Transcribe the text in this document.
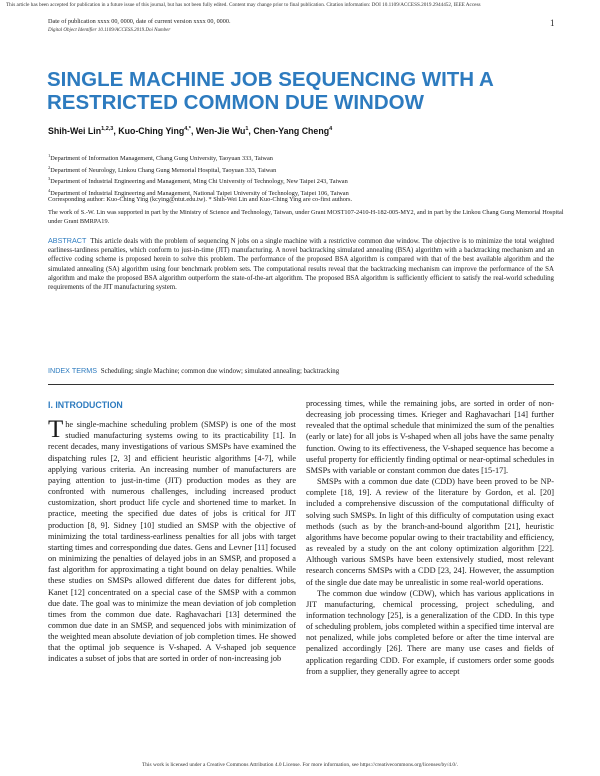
This article has been accepted for publication in a future issue of this journal, but has not been fully edited. Content may change prior to final publication. Citation information: DOI 10.1109/ACCESS.2019.2944452, IEEE Access
Date of publication xxxx 00, 0000, date of current version xxxx 00, 0000.
Digital Object Identifier 10.1109/ACCESS.2019.Doi Number
1
SINGLE MACHINE JOB SEQUENCING WITH A
RESTRICTED COMMON DUE WINDOW
Shih-Wei Lin$^{1,2,3}$, Kuo-Ching Ying$^{4,*}$, Wen-Jie Wu$^1$, Chen-Yang Cheng$^4$
$^1$Department of Information Management, Chang Gung University, Taoyuan 333, Taiwan
$^2$Department of Neurology, Linkou Chang Gung Memorial Hospital, Taoyuan 333, Taiwan
$^3$Department of Industrial Engineering and Management, Ming Chi University of Technology, New Taipei 243, Taiwan
$^4$Department of Industrial Engineering and Management, National Taipei University of Technology, Taipei 106, Taiwan
Corresponding author: Kuo-Ching Ying (kcying@ntut.edu.tw). * Shih-Wei Lin and Kuo-Ching Ying are co-first authors.
The work of S.-W. Lin was supported in part by the Ministry of Science and Technology, Taiwan, under Grant MOST107-2410-H-182-005-MY2, and in part by the Linkou Chang Gung Memorial Hospital under Grant BMRPA19.
ABSTRACT This article deals with the problem of sequencing N jobs on a single machine with a restrictive common due window. The objective is to minimize the total weighted earliness-tardiness penalties, which conform to just-in-time (JIT) manufacturing. A novel backtracking simulated annealing (BSA) algorithm with a backtracking mechanism and an effective coding scheme is proposed herein to solve this problem. The performance of the proposed BSA algorithm is compared with that of the best available algorithm and the simulated annealing (SA) algorithm using four benchmark problem sets. The computational results reveal that the backtracking mechanism can improve the performance of the SA algorithm and make the proposed BSA algorithm outperform the state-of-the-art algorithm. The proposed BSA algorithm is sufficiently efficient to satisfy the real-world scheduling requirements of the JIT manufacturing system.
INDEX TERMS Scheduling; single Machine; common due window; simulated annealing; backtracking
I. INTRODUCTION

The single-machine scheduling problem (SMSP) is one of the most studied manufacturing systems owing to its practicability [1]. In recent decades, many investigations of various SMSPs have examined the dispatching rules [2, 3] and efficient heuristic algorithms [4-7], while applying various criteria. An increasing number of manufacturers are paying attention to just-in-time (JIT) production modes as they are confronted with numerous challenges, including increased product customization, short product life cycle and shortened time to market. In practice, meeting the specified due dates of jobs is critical for JIT production [8, 9]. Sidney [10] studied an SMSP with the objective of minimizing the total tardiness-earliness penalties for all jobs with target starting times and corresponding due dates. Gens and Levner [11] focused on minimizing the penalties of delayed jobs in an SMSP, and proposed a fast algorithm for approximating a tight bound on delay penalties. While these studies on SMSPs allowed different due dates for different jobs, Kanet [12] concentrated on a special case of the SMSP with a common due date. The goal was to minimize the mean deviation of job completion times from the common due date. Raghavachari [13] determined the common due date in an SMSP, and sequenced jobs with minimization of the weighted mean absolute deviation of job completion times. He showed that the optimal job sequence is V-shaped. A V-shaped job sequence indicates a subset of jobs that are sorted in order of non-increasing job

processing times, while the remaining jobs, are sorted in order of non-decreasing job processing times. Krieger and Raghavachari [14] further revealed that the optimal schedule that minimized the sum of the penalties (early or late) for all jobs is V-shaped when all jobs have the same penalty function. Owing to its effectiveness, the V-shaped sequence has become a useful property for efficiently finding optimal or near-optimal schedules in SMSPs with variable or constant common due dates [15-17].

SMSPs with a common due date (CDD) have been proved to be NP-complete [18, 19]. A review of the literature by Gordon, et al. [20] included a comprehensive discussion of the computational difficulty of solving such SMSPs. In light of this difficulty of computation using exact methods (such as by the branch-and-bound algorithm [21], heuristic algorithms have become popular owing to their tractability and efficiency, as revealed by a study on the ant colony optimization algorithm [22]. Although various SMSPs have been extensively studied, most relevant research concerns SMSPs with a CDD [23, 24]. However, the assumption of the single due date may be unrealistic in some real-world operations.

The common due window (CDW), which has various applications in JIT manufacturing, chemical processing, project scheduling, and information technology [25], is a generalization of the CDD. In this type of scheduling problem, jobs completed within a specified time interval are not penalized, while jobs completed before or after the time interval are penalized accordingly [26]. There are many use cases and fields of application regarding CDD. For example, if customers order some goods from a supplier, they generally agree to accept

This work is licensed under a Creative Commons Attribution 4.0 License. For more information, see https://creativecommons.org/licenses/by/4.0/.
